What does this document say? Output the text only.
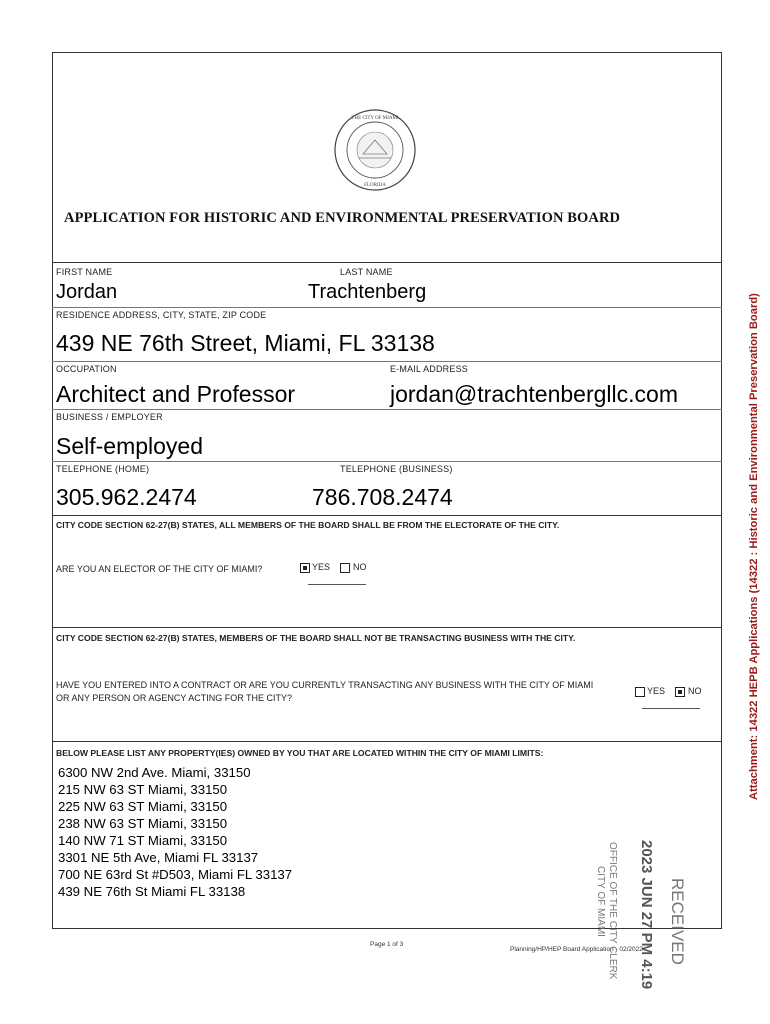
THE CITY OF MIAMI
FLORIDA
APPLICATION FOR HISTORIC AND ENVIRONMENTAL PRESERVATION BOARD
FIRST NAME	LAST NAME
Jordan	Trachtenberg
RESIDENCE ADDRESS, CITY, STATE, ZIP CODE
439 NE 76th Street, Miami, FL 33138
OCCUPATION	E-MAIL ADDRESS
Architect and Professor	jordan@trachtenbergllc.com
BUSINESS / EMPLOYER
Self-employed
TELEPHONE (HOME)	TELEPHONE (BUSINESS)
305.962.2474	786.708.2474
CITY CODE SECTION 62-27(B) STATES, ALL MEMBERS OF THE BOARD SHALL BE FROM THE ELECTORATE OF THE CITY.
ARE YOU AN ELECTOR OF THE CITY OF MIAMI?	YES	NO
CITY CODE SECTION 62-27(B) STATES, MEMBERS OF THE BOARD SHALL NOT BE TRANSACTING BUSINESS WITH THE CITY.
HAVE YOU ENTERED INTO A CONTRACT OR ARE YOU CURRENTLY TRANSACTING ANY BUSINESS WITH THE CITY OF MIAMI
OR ANY PERSON OR AGENCY ACTING FOR THE CITY?
YES	NO
BELOW PLEASE LIST ANY PROPERTY(IES) OWNED BY YOU THAT ARE LOCATED WITHIN THE CITY OF MIAMI LIMITS:
6300 NW 2nd Ave. Miami, 33150
215 NW 63 ST Miami, 33150
225 NW 63 ST Miami, 33150
238 NW 63 ST Miami, 33150
140 NW 71 ST Miami, 33150
3301 NE 5th Ave, Miami FL 33137
700 NE 63rd St #D503, Miami FL 33137
439 NE 76th St Miami FL 33138
Page 1 of 3
Planning/HP/HEP Board Application - 02/2022 RECEIVED
2023 JUN 27 PM 4:19
OFFICE OF THE CITY CLERK
CITY OF MIAMI
Attachment: 14322 HEPB Applications (14322 : Historic and Environmental Preservation Board)
